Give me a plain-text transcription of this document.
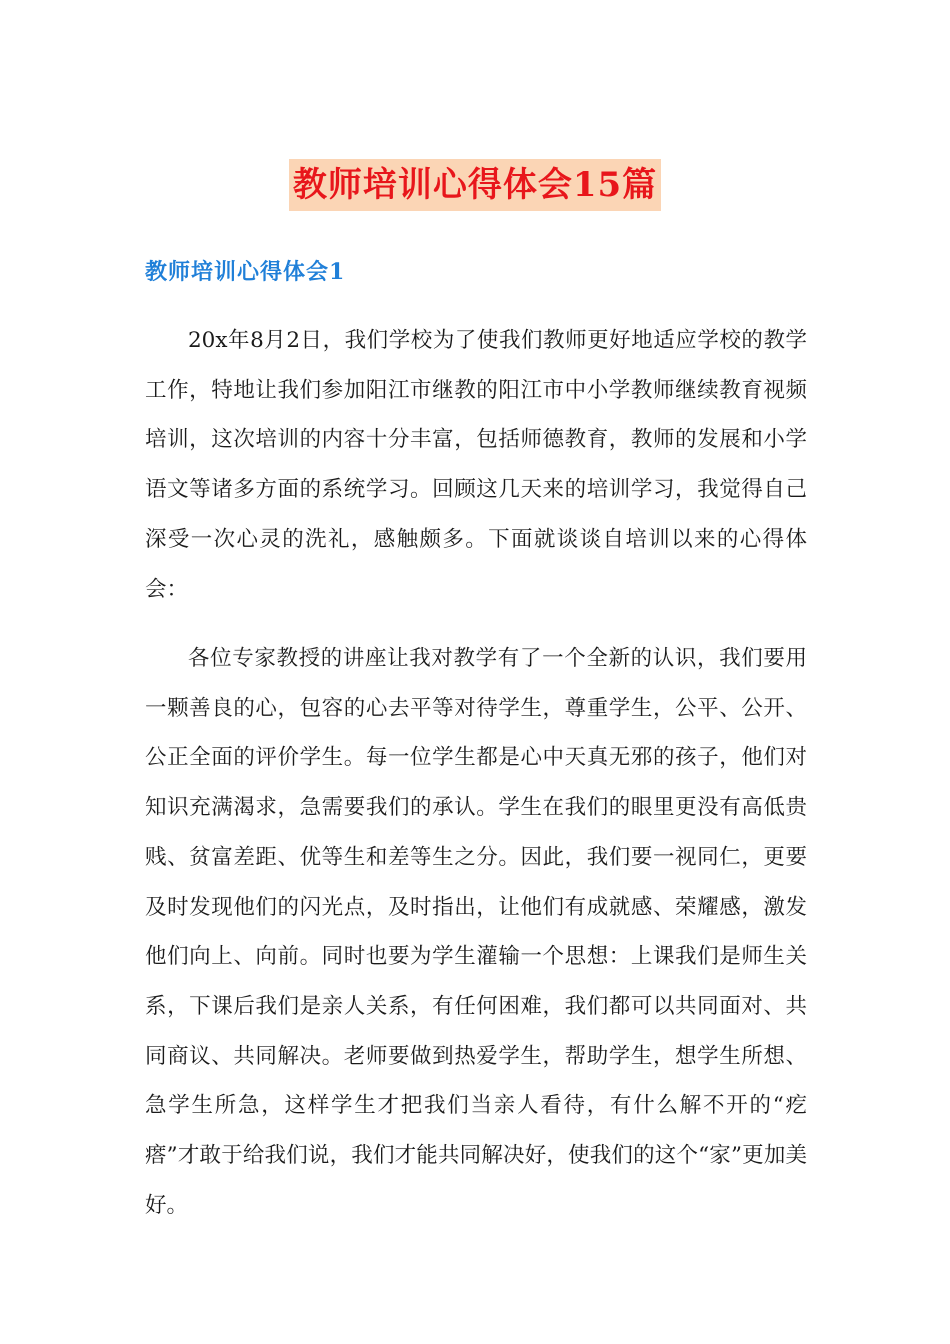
教师培训心得体会15篇
教师培训心得体会1

20x年8月2日，我们学校为了使我们教师更好地适应学校的教学工作，特地让我们参加阳江市继教的阳江市中小学教师继续教育视频培训，这次培训的内容十分丰富，包括师德教育，教师的发展和小学语文等诸多方面的系统学习。回顾这几天来的培训学习，我觉得自己深受一次心灵的洗礼，感触颇多。下面就谈谈自培训以来的心得体会：

各位专家教授的讲座让我对教学有了一个全新的认识，我们要用一颗善良的心，包容的心去平等对待学生，尊重学生，公平、公开、公正全面的评价学生。每一位学生都是心中天真无邪的孩子，他们对知识充满渴求，急需要我们的承认。学生在我们的眼里更没有高低贵贱、贫富差距、优等生和差等生之分。因此，我们要一视同仁，更要及时发现他们的闪光点，及时指出，让他们有成就感、荣耀感，激发他们向上、向前。同时也要为学生灌输一个思想：上课我们是师生关系，下课后我们是亲人关系，有任何困难，我们都可以共同面对、共同商议、共同解决。老师要做到热爱学生，帮助学生，想学生所想、急学生所急，这样学生才把我们当亲人看待，有什么解不开的“疙瘩”才敢于给我们说，我们才能共同解决好，使我们的这个“家”更加美好。
